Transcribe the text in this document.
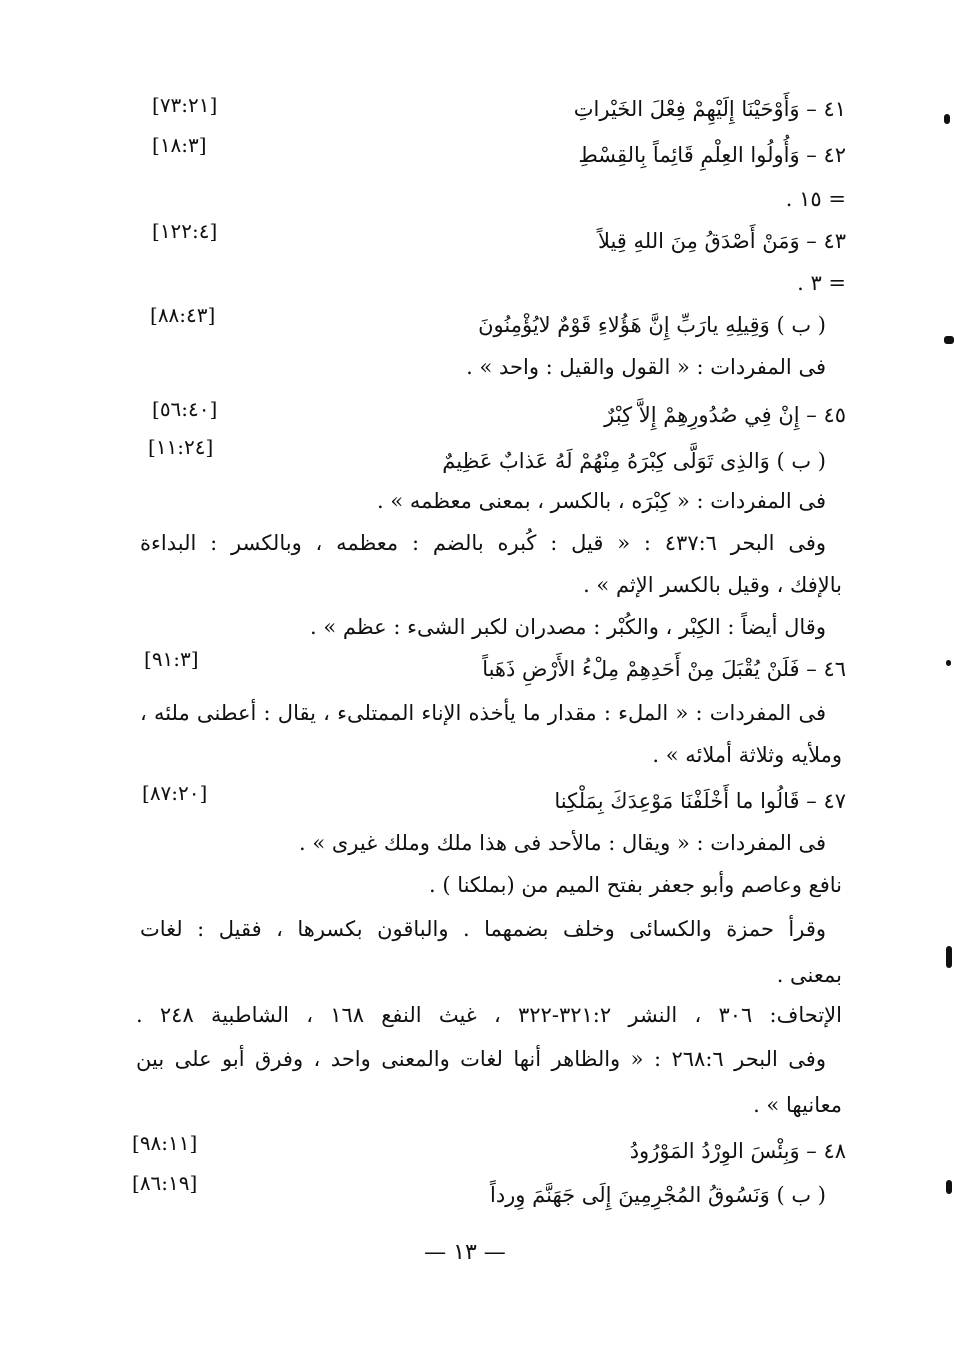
٤١ – وَأَوْحَيْنَا إِلَيْهِمْ فِعْلَ الخَيْراتِ
[٧٣:٢١]
٤٢ – وَأُولُوا العِلْمِ قَائِماً بِالقِسْطِ
[١٨:٣]
= ١٥ .
٤٣ – وَمَنْ أَصْدَقُ مِنَ اللهِ قِيلاً
[١٢٢:٤]
= ٣ .
( ب ) وَقِيلِهِ يارَبِّ إِنَّ هَؤُلاءِ قَوْمٌ لايُؤْمِنُونَ
[٨٨:٤٣]
فى المفردات : « القول والقيل : واحد » .
٤٥ – إِنْ فِي صُدُورِهِمْ إِلاَّ كِبْرٌ
[٥٦:٤٠]
( ب ) وَالذِى تَوَلَّى كِبْرَهُ مِنْهُمْ لَهُ عَذابٌ عَظِيمٌ
[١١:٢٤]
فى المفردات : « كِبْرَه ، بالكسر ، بمعنى معظمه » .
وفى البحر ٤٣٧:٦ : « قيل : كُبره بالضم : معظمه ، وبالكسر : البداءة
بالإفك ، وقيل بالكسر الإثم » .
وقال أيضاً : الكِبْر ، والكُبْر : مصدران لكبر الشىء : عظم » .
٤٦ – فَلَنْ يُقْبَلَ مِنْ أَحَدِهِمْ مِلْءُ الأَرْضِ ذَهَباً
[٩١:٣]
فى المفردات : « الملء : مقدار ما يأخذه الإناء الممتلىء ، يقال : أعطنى ملئه ،
وملأيه وثلاثة أملائه » .
٤٧ – قَالُوا ما أَخْلَفْنَا مَوْعِدَكَ بِمَلْكِنا
[٨٧:٢٠]
فى المفردات : « ويقال : مالأحد فى هذا ملك وملك غيرى » .
نافع وعاصم وأبو جعفر بفتح الميم من (بملكنا ) .
وقرأ حمزة والكسائى وخلف بضمهما . والباقون بكسرها ، فقيل : لغات
بمعنى .
الإتحاف: ٣٠٦ ، النشر ٣٢١:٢-٣٢٢ ، غيث النفع ١٦٨ ، الشاطبية ٢٤٨ .
وفى البحر ٢٦٨:٦ : « والظاهر أنها لغات والمعنى واحد ، وفرق أبو على بين
معانيها » .
٤٨ – وَبِئْسَ الوِرْدُ المَوْرُودُ
[٩٨:١١]
( ب ) وَنَسُوقُ المُجْرِمِينَ إِلَى جَهَنَّمَ وِرداً
[٨٦:١٩]
— ١٣ —
